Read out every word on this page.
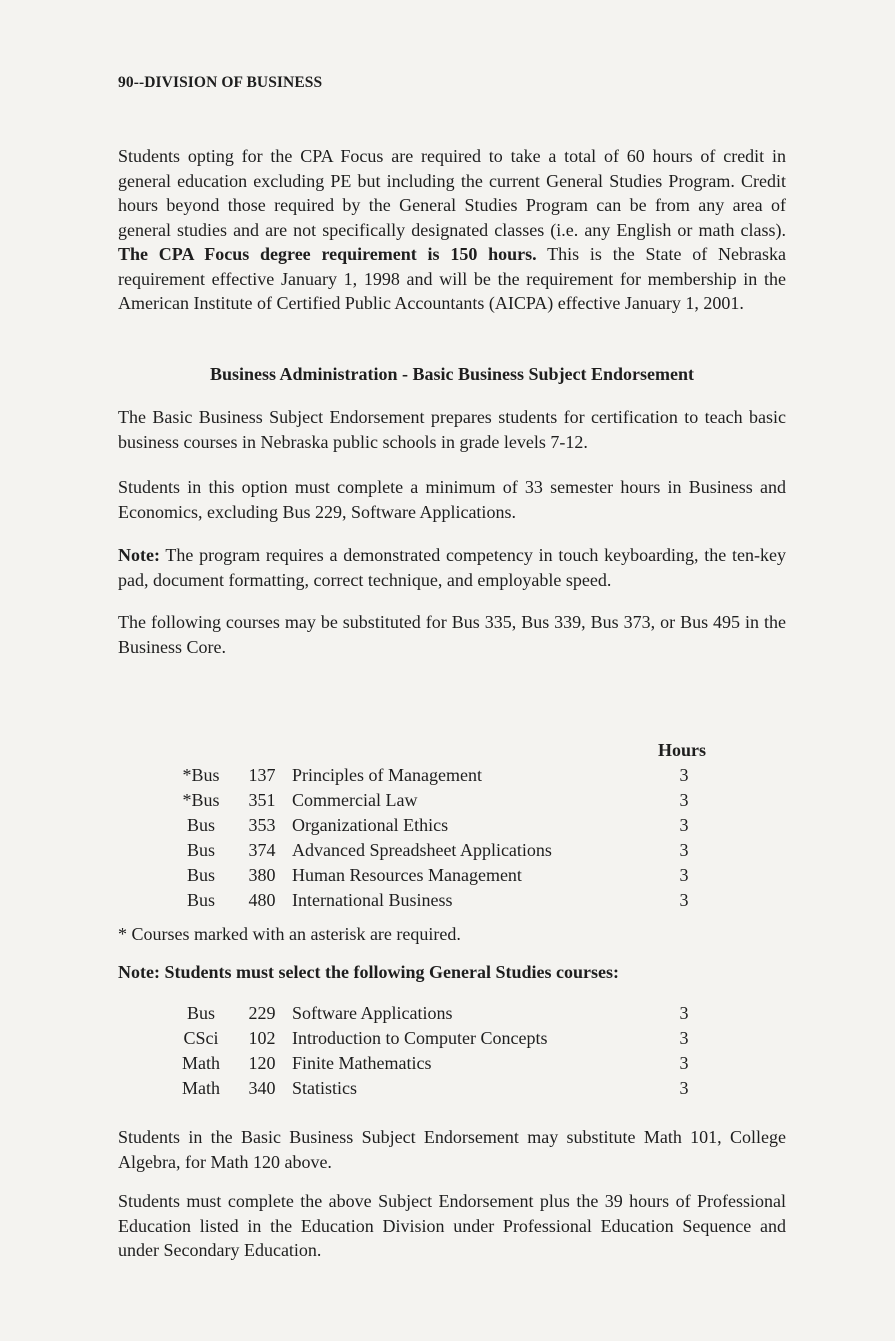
90--DIVISION OF BUSINESS

Students opting for the CPA Focus are required to take a total of 60 hours of credit in general education excluding PE but including the current General Studies Program. Credit hours beyond those required by the General Studies Program can be from any area of general studies and are not specifically designated classes (i.e. any English or math class). The CPA Focus degree requirement is 150 hours. This is the State of Nebraska requirement effective January 1, 1998 and will be the requirement for membership in the American Institute of Certified Public Accountants (AICPA) effective January 1, 2001.

Business Administration - Basic Business Subject Endorsement

The Basic Business Subject Endorsement prepares students for certification to teach basic business courses in Nebraska public schools in grade levels 7-12.

Students in this option must complete a minimum of 33 semester hours in Business and Economics, excluding Bus 229, Software Applications.

Note: The program requires a demonstrated competency in touch keyboarding, the ten-key pad, document formatting, correct technique, and employable speed.

The following courses may be substituted for Bus 335, Bus 339, Bus 373, or Bus 495 in the Business Core.

Hours
*Bus	137 Principles of Management	3
*Bus	351 Commercial Law	3
Bus	353 Organizational Ethics	3
Bus	374 Advanced Spreadsheet Applications	3
Bus	380 Human Resources Management	3
Bus	480 International Business	3
* Courses marked with an asterisk are required.
Note: Students must select the following General Studies courses:
Bus	229 Software Applications	3
CSci	102 Introduction to Computer Concepts	3
Math	120 Finite Mathematics	3
Math	340 Statistics	3

Students in the Basic Business Subject Endorsement may substitute Math 101, College Algebra, for Math 120 above.

Students must complete the above Subject Endorsement plus the 39 hours of Professional Education listed in the Education Division under Professional Education Sequence and under Secondary Education.
